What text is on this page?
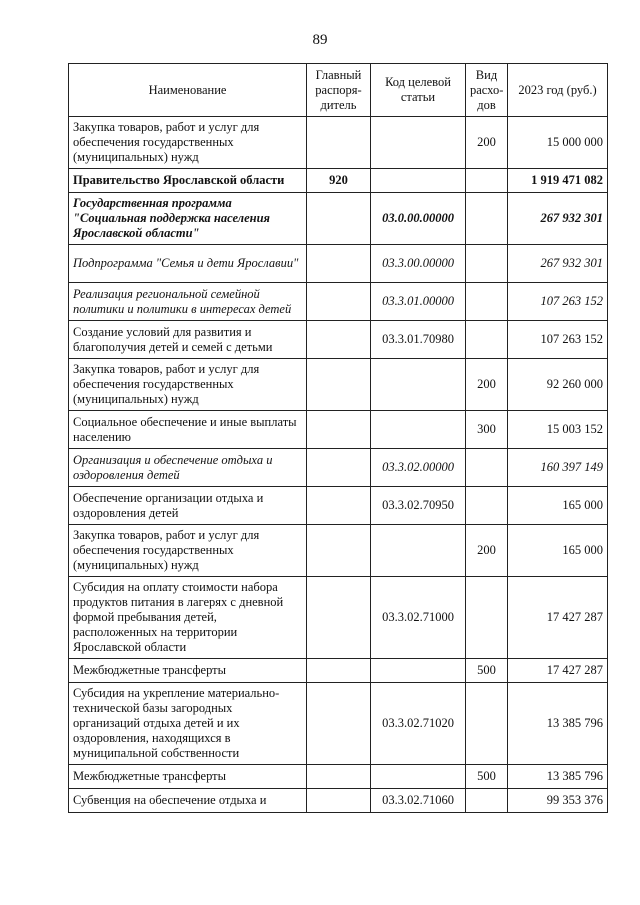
89
Наименование	Главный распоря-дитель	Код целевой статьи	Вид расхо-дов	2023 год (руб.)
Закупка товаров, работ и услуг для обеспечения государственных (муниципальных) нужд			200	15 000 000
Правительство Ярославской области	920			1 919 471 082
Государственная программа "Социальная поддержка населения Ярославской области"		03.0.00.00000		267 932 301
Подпрограмма "Семья и дети Ярославии"		03.3.00.00000		267 932 301
Реализация региональной семейной политики и политики в интересах детей		03.3.01.00000		107 263 152
Создание условий для развития и благополучия детей и семей с детьми		03.3.01.70980		107 263 152
Закупка товаров, работ и услуг для обеспечения государственных (муниципальных) нужд			200	92 260 000
Социальное обеспечение и иные выплаты населению			300	15 003 152
Организация и обеспечение отдыха и оздоровления детей		03.3.02.00000		160 397 149
Обеспечение организации отдыха и оздоровления детей		03.3.02.70950		165 000
Закупка товаров, работ и услуг для обеспечения государственных (муниципальных) нужд			200	165 000
Субсидия на оплату стоимости набора продуктов питания в лагерях с дневной формой пребывания детей, расположенных на территории Ярославской области		03.3.02.71000		17 427 287
Межбюджетные трансферты			500	17 427 287
Субсидия на укрепление материально-технической базы загородных организаций отдыха детей и их оздоровления, находящихся в муниципальной собственности		03.3.02.71020		13 385 796
Межбюджетные трансферты			500	13 385 796
Субвенция на обеспечение отдыха и		03.3.02.71060		99 353 376
